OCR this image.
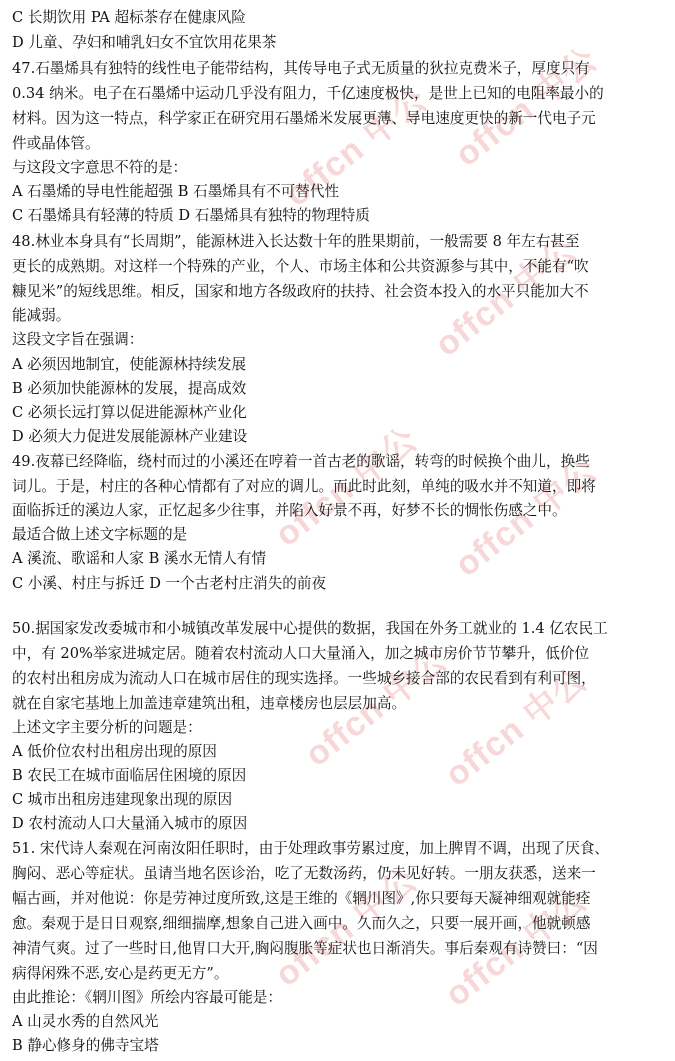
offcn 中公 offcn 中公
offcn 中公
offcn 中公 offcn 中公
offcn 中公
offcn 中公
offcn 中公 offcn 中公
C 长期饮用 PA 超标茶存在健康风险
D 儿童、孕妇和哺乳妇女不宜饮用花果茶
47.石墨烯具有独特的线性电子能带结构，其传导电子式无质量的狄拉克费米子，厚度只有
0.34 纳米。电子在石墨烯中运动几乎没有阻力，千亿速度极快，是世上已知的电阻率最小的
材料。因为这一特点，科学家正在研究用石墨烯米发展更薄、导电速度更快的新一代电子元
件或晶体管。
与这段文字意思不符的是：
A 石墨烯的导电性能超强 B 石墨烯具有不可替代性
C 石墨烯具有轻薄的特质 D 石墨烯具有独特的物理特质
48.林业本身具有“长周期”，能源林进入长达数十年的胜果期前，一般需要 8 年左右甚至
更长的成熟期。对这样一个特殊的产业，个人、市场主体和公共资源参与其中，不能有“吹
糠见米”的短线思维。相反，国家和地方各级政府的扶持、社会资本投入的水平只能加大不
能减弱。
这段文字旨在强调：
A 必须因地制宜，使能源林持续发展
B 必须加快能源林的发展，提高成效
C 必须长远打算以促进能源林产业化
D 必须大力促进发展能源林产业建设
49.夜幕已经降临，绕村而过的小溪还在哼着一首古老的歌谣，转弯的时候换个曲儿，换些
词儿。于是，村庄的各种心情都有了对应的调儿。而此时此刻，单纯的吸水并不知道，即将
面临拆迁的溪边人家，正忆起多少往事，并陷入好景不再，好梦不长的惆怅伤感之中。
最适合做上述文字标题的是
A 溪流、歌谣和人家 B 溪水无情人有情
C 小溪、村庄与拆迁 D 一个古老村庄消失的前夜
50.据国家发改委城市和小城镇改革发展中心提供的数据，我国在外务工就业的 1.4 亿农民工
中，有 20%举家进城定居。随着农村流动人口大量涌入，加之城市房价节节攀升，低价位
的农村出租房成为流动人口在城市居住的现实选择。一些城乡接合部的农民看到有利可图，
就在自家宅基地上加盖违章建筑出租，违章楼房也层层加高。
上述文字主要分析的问题是：
A 低价位农村出租房出现的原因
B 农民工在城市面临居住困境的原因
C 城市出租房违建现象出现的原因
D 农村流动人口大量涌入城市的原因
51. 宋代诗人秦观在河南汝阳任职时，由于处理政事劳累过度，加上脾胃不调，出现了厌食、
胸闷、恶心等症状。虽请当地名医诊治，吃了无数汤药，仍未见好转。一朋友获悉，送来一
幅古画，并对他说：你是劳神过度所致,这是王维的《辋川图》,你只要每天凝神细观就能痊
愈。秦观于是日日观察,细细揣摩,想象自己进入画中。久而久之，只要一展开画，他就顿感
神清气爽。过了一些时日,他胃口大开,胸闷腹胀等症状也日渐消失。事后秦观有诗赞曰：“因
病得闲殊不恶,安心是药更无方”。
由此推论：《辋川图》所绘内容最可能是：
A 山灵水秀的自然风光
B 静心修身的佛寺宝塔
